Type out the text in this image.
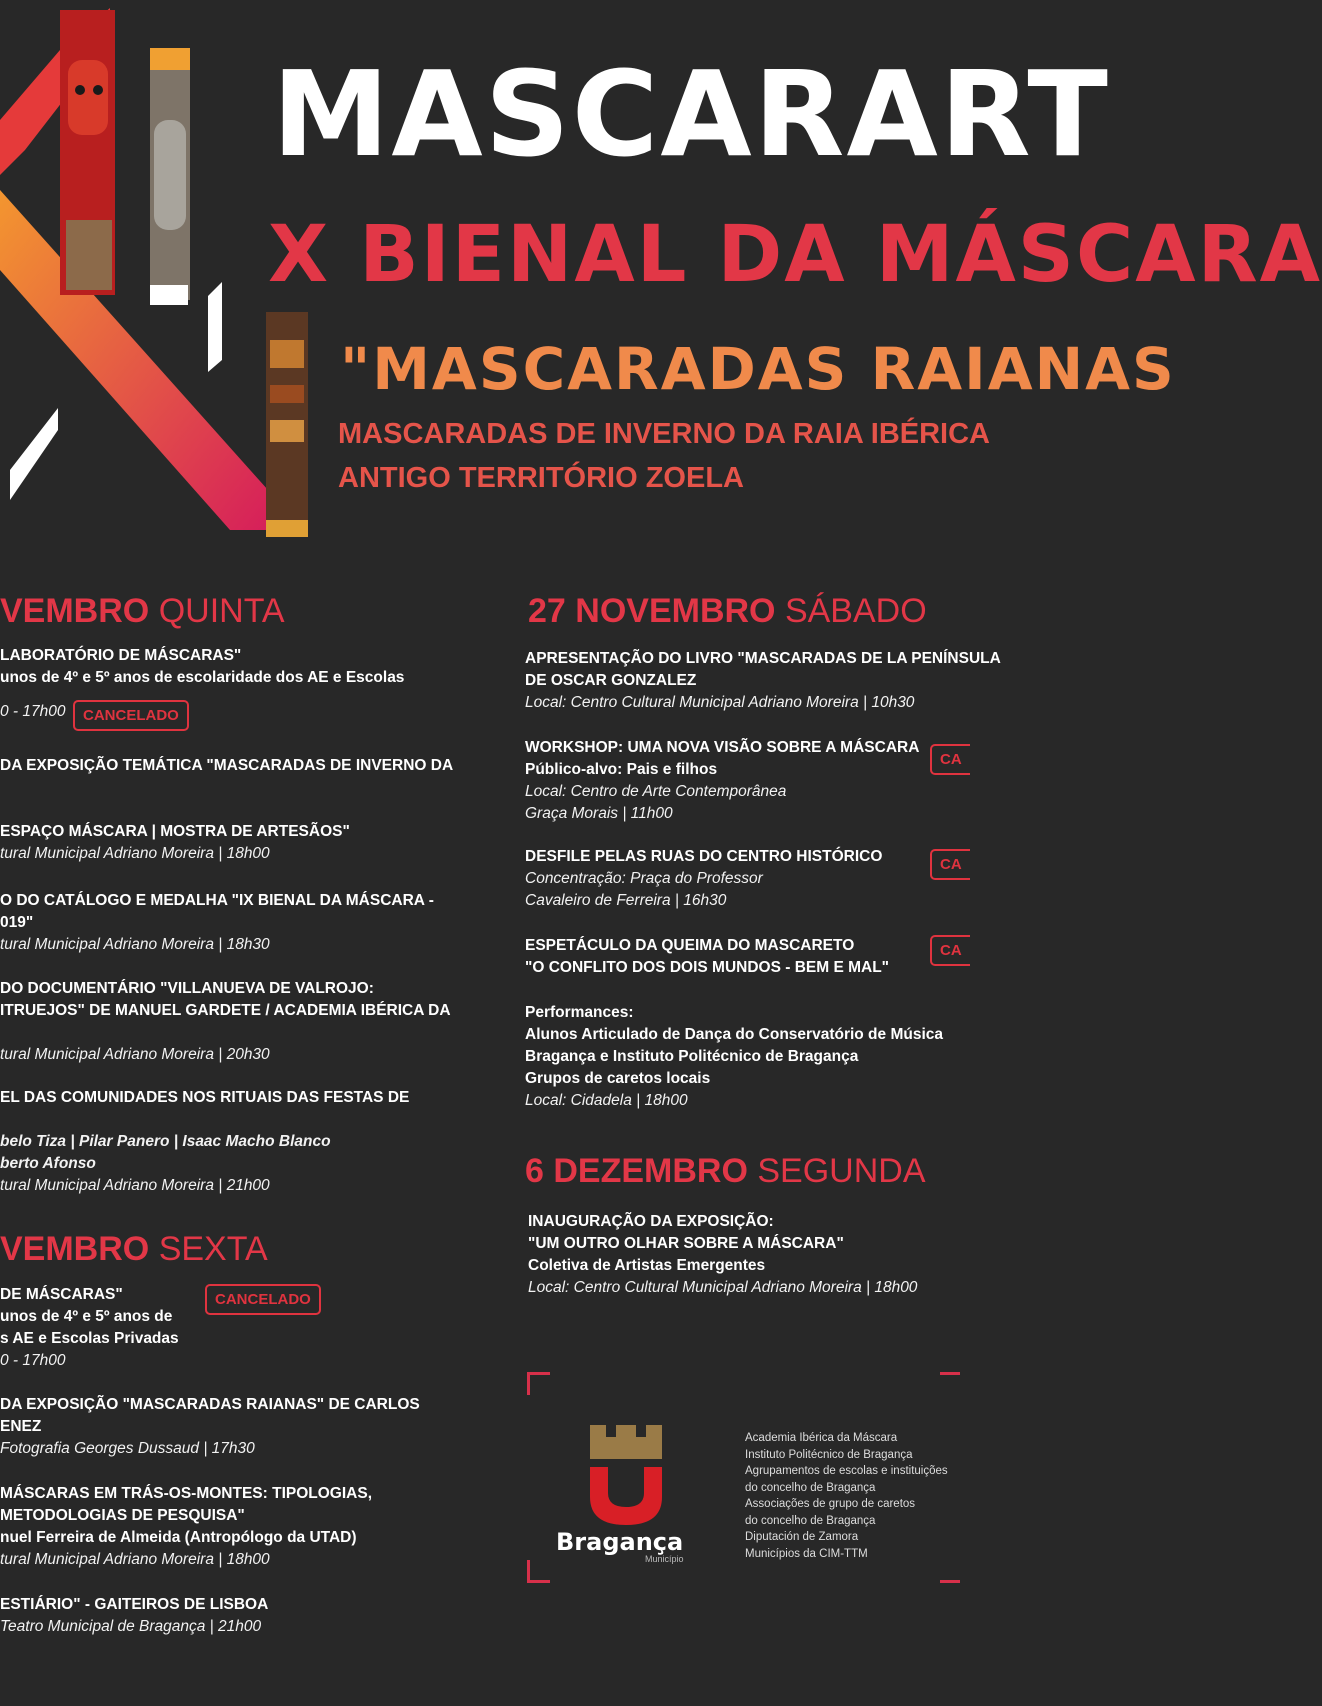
MASCARART
X BIENAL DA MÁSCARA
"MASCARADAS RAIANAS
MASCARADAS DE INVERNO DA RAIA IBÉRICA
ANTIGO TERRITÓRIO ZOELA
VEMBRO QUINTA
LABORATÓRIO DE MÁSCARAS"
unos de 4º e 5º anos de escolaridade dos AE e Escolas
0 - 17h00	CANCELADO
DA EXPOSIÇÃO TEMÁTICA "MASCARADAS DE INVERNO DA
ESPAÇO MÁSCARA | MOSTRA DE ARTESÃOS"
tural Municipal Adriano Moreira | 18h00
O DO CATÁLOGO E MEDALHA "IX BIENAL DA MÁSCARA -
019"
tural Municipal Adriano Moreira | 18h30
DO DOCUMENTÁRIO "VILLANUEVA DE VALROJO:
ITRUEJOS" DE MANUEL GARDETE / ACADEMIA IBÉRICA DA
tural Municipal Adriano Moreira | 20h30
EL DAS COMUNIDADES NOS RITUAIS DAS FESTAS DE
belo Tiza | Pilar Panero | Isaac Macho Blanco
berto Afonso
tural Municipal Adriano Moreira | 21h00
VEMBRO SEXTA
DE MÁSCARAS"
unos de 4º e 5º anos de
s AE e Escolas Privadas
0 - 17h00
CANCELADO
DA EXPOSIÇÃO "MASCARADAS RAIANAS" DE CARLOS
ENEZ
Fotografia Georges Dussaud | 17h30
MÁSCARAS EM TRÁS-OS-MONTES: TIPOLOGIAS,
METODOLOGIAS DE PESQUISA"
nuel Ferreira de Almeida (Antropólogo da UTAD)
tural Municipal Adriano Moreira | 18h00
ESTIÁRIO" - GAITEIROS DE LISBOA
Teatro Municipal de Bragança | 21h00
27 NOVEMBRO SÁBADO
APRESENTAÇÃO DO LIVRO "MASCARADAS DE LA PENÍNSULA
DE OSCAR GONZALEZ
Local: Centro Cultural Municipal Adriano Moreira | 10h30
WORKSHOP: UMA NOVA VISÃO SOBRE A MÁSCARA
Público-alvo: Pais e filhos
Local: Centro de Arte Contemporânea
Graça Morais | 11h00
CA
DESFILE PELAS RUAS DO CENTRO HISTÓRICO
Concentração: Praça do Professor
Cavaleiro de Ferreira | 16h30
CA
ESPETÁCULO DA QUEIMA DO MASCARETO
"O CONFLITO DOS DOIS MUNDOS - BEM E MAL"
CA
Performances:
Alunos Articulado de Dança do Conservatório de Música
Bragança e Instituto Politécnico de Bragança
Grupos de caretos locais
Local: Cidadela | 18h00
6 DEZEMBRO SEGUNDA
INAUGURAÇÃO DA EXPOSIÇÃO:
"UM OUTRO OLHAR SOBRE A MÁSCARA"
Coletiva de Artistas Emergentes
Local: Centro Cultural Municipal Adriano Moreira | 18h00
Bragança
Município
Academia Ibérica da Máscara
Instituto Politécnico de Bragança
Agrupamentos de escolas e instituições
do concelho de Bragança
Associações de grupo de caretos
do concelho de Bragança
Diputación de Zamora
Municípios da CIM-TTM
